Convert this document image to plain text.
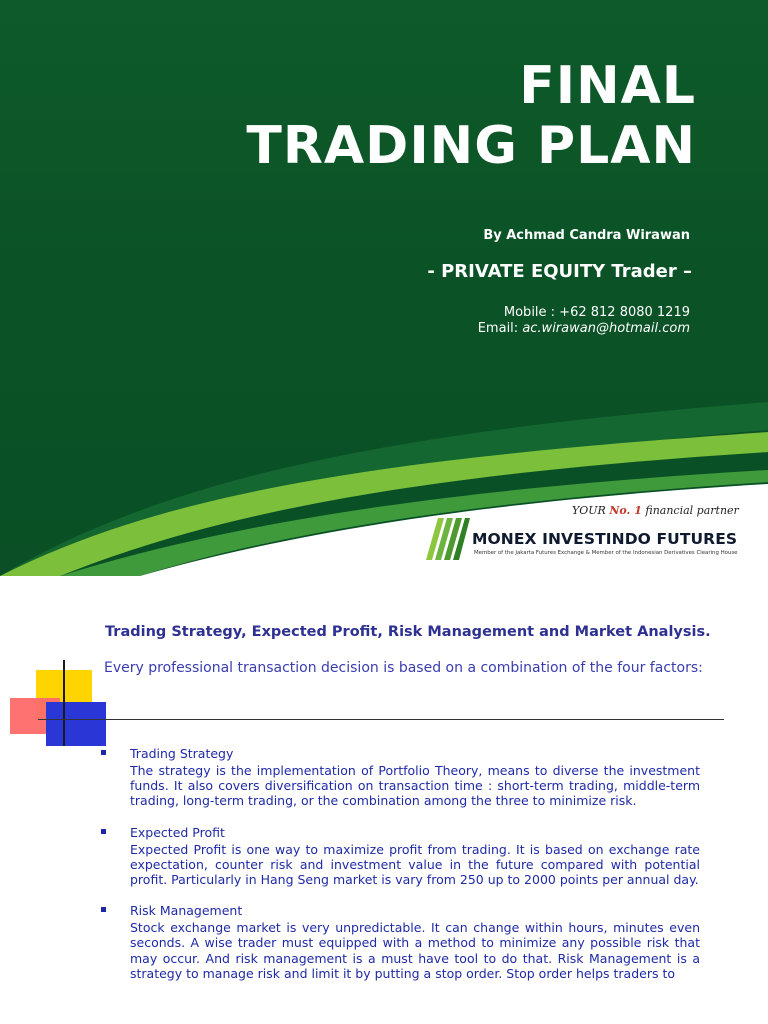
FINAL
TRADING PLAN
By Achmad Candra Wirawan
- PRIVATE EQUITY Trader –
Mobile : +62 812 8080 1219
Email: ac.wirawan@hotmail.com
YOUR No. 1 financial partner
MONEX INVESTINDO FUTURES
Member of the Jakarta Futures Exchange & Member of the Indonesian Derivatives Clearing House
Trading Strategy, Expected Profit, Risk Management and Market Analysis.

Every professional transaction decision is based on a combination of the four factors:

Trading Strategy
The strategy is the implementation of Portfolio Theory, means to diverse the investment funds. It also covers diversification on transaction time : short-term trading, middle-term trading, long-term trading, or the combination among the three to minimize risk.
Expected Profit
Expected Profit is one way to maximize profit from trading. It is based on exchange rate expectation, counter risk and investment value in the future compared with potential profit. Particularly in Hang Seng market is vary from 250 up to 2000 points per annual day.
Risk Management
Stock exchange market is very unpredictable. It can change within hours, minutes even seconds. A wise trader must equipped with a method to minimize any possible risk that may occur. And risk management is a must have tool to do that. Risk Management is a strategy to manage risk and limit it by putting a stop order. Stop order helps traders to
